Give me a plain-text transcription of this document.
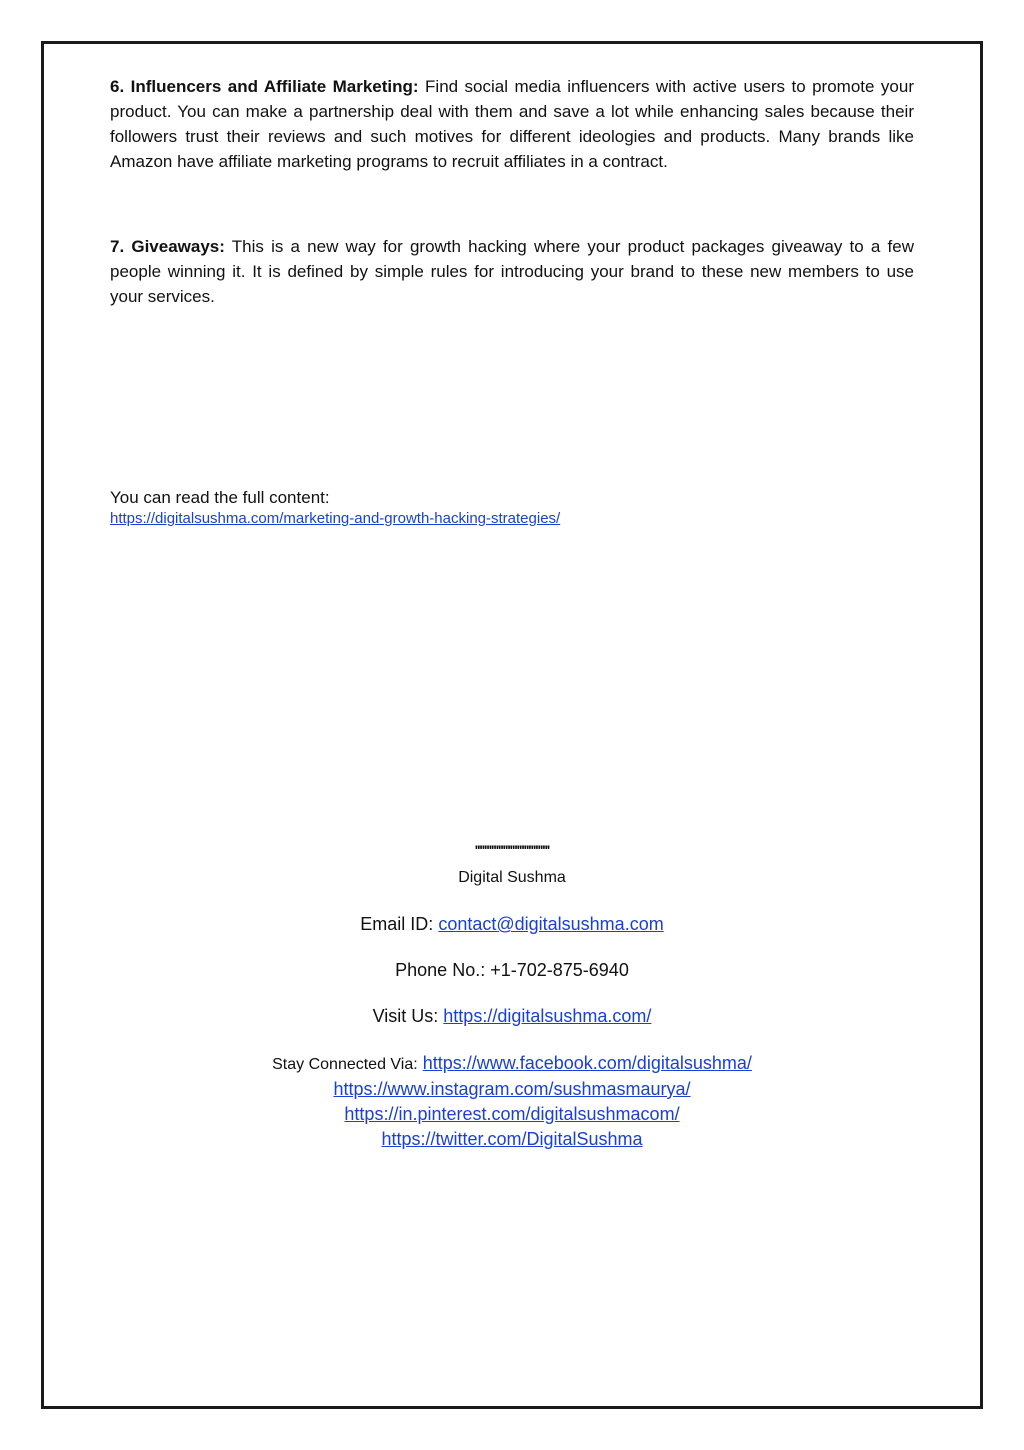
6. Influencers and Affiliate Marketing: Find social media influencers with active users to promote your product. You can make a partnership deal with them and save a lot while enhancing sales because their followers trust their reviews and such motives for different ideologies and products. Many brands like Amazon have affiliate marketing programs to recruit affiliates in a contract.

7. Giveaways: This is a new way for growth hacking where your product packages giveaway to a few people winning it. It is defined by simple rules for introducing your brand to these new members to use your services.

You can read the full content:
https://digitalsushma.com/marketing-and-growth-hacking-strategies/
''''''''''''''''''''''''''''''''
Digital Sushma
Email ID: contact@digitalsushma.com
Phone No.: +1-702-875-6940
Visit Us: https://digitalsushma.com/
Stay Connected Via: https://www.facebook.com/digitalsushma/
https://www.instagram.com/sushmasmaurya/
https://in.pinterest.com/digitalsushmacom/
https://twitter.com/DigitalSushma
